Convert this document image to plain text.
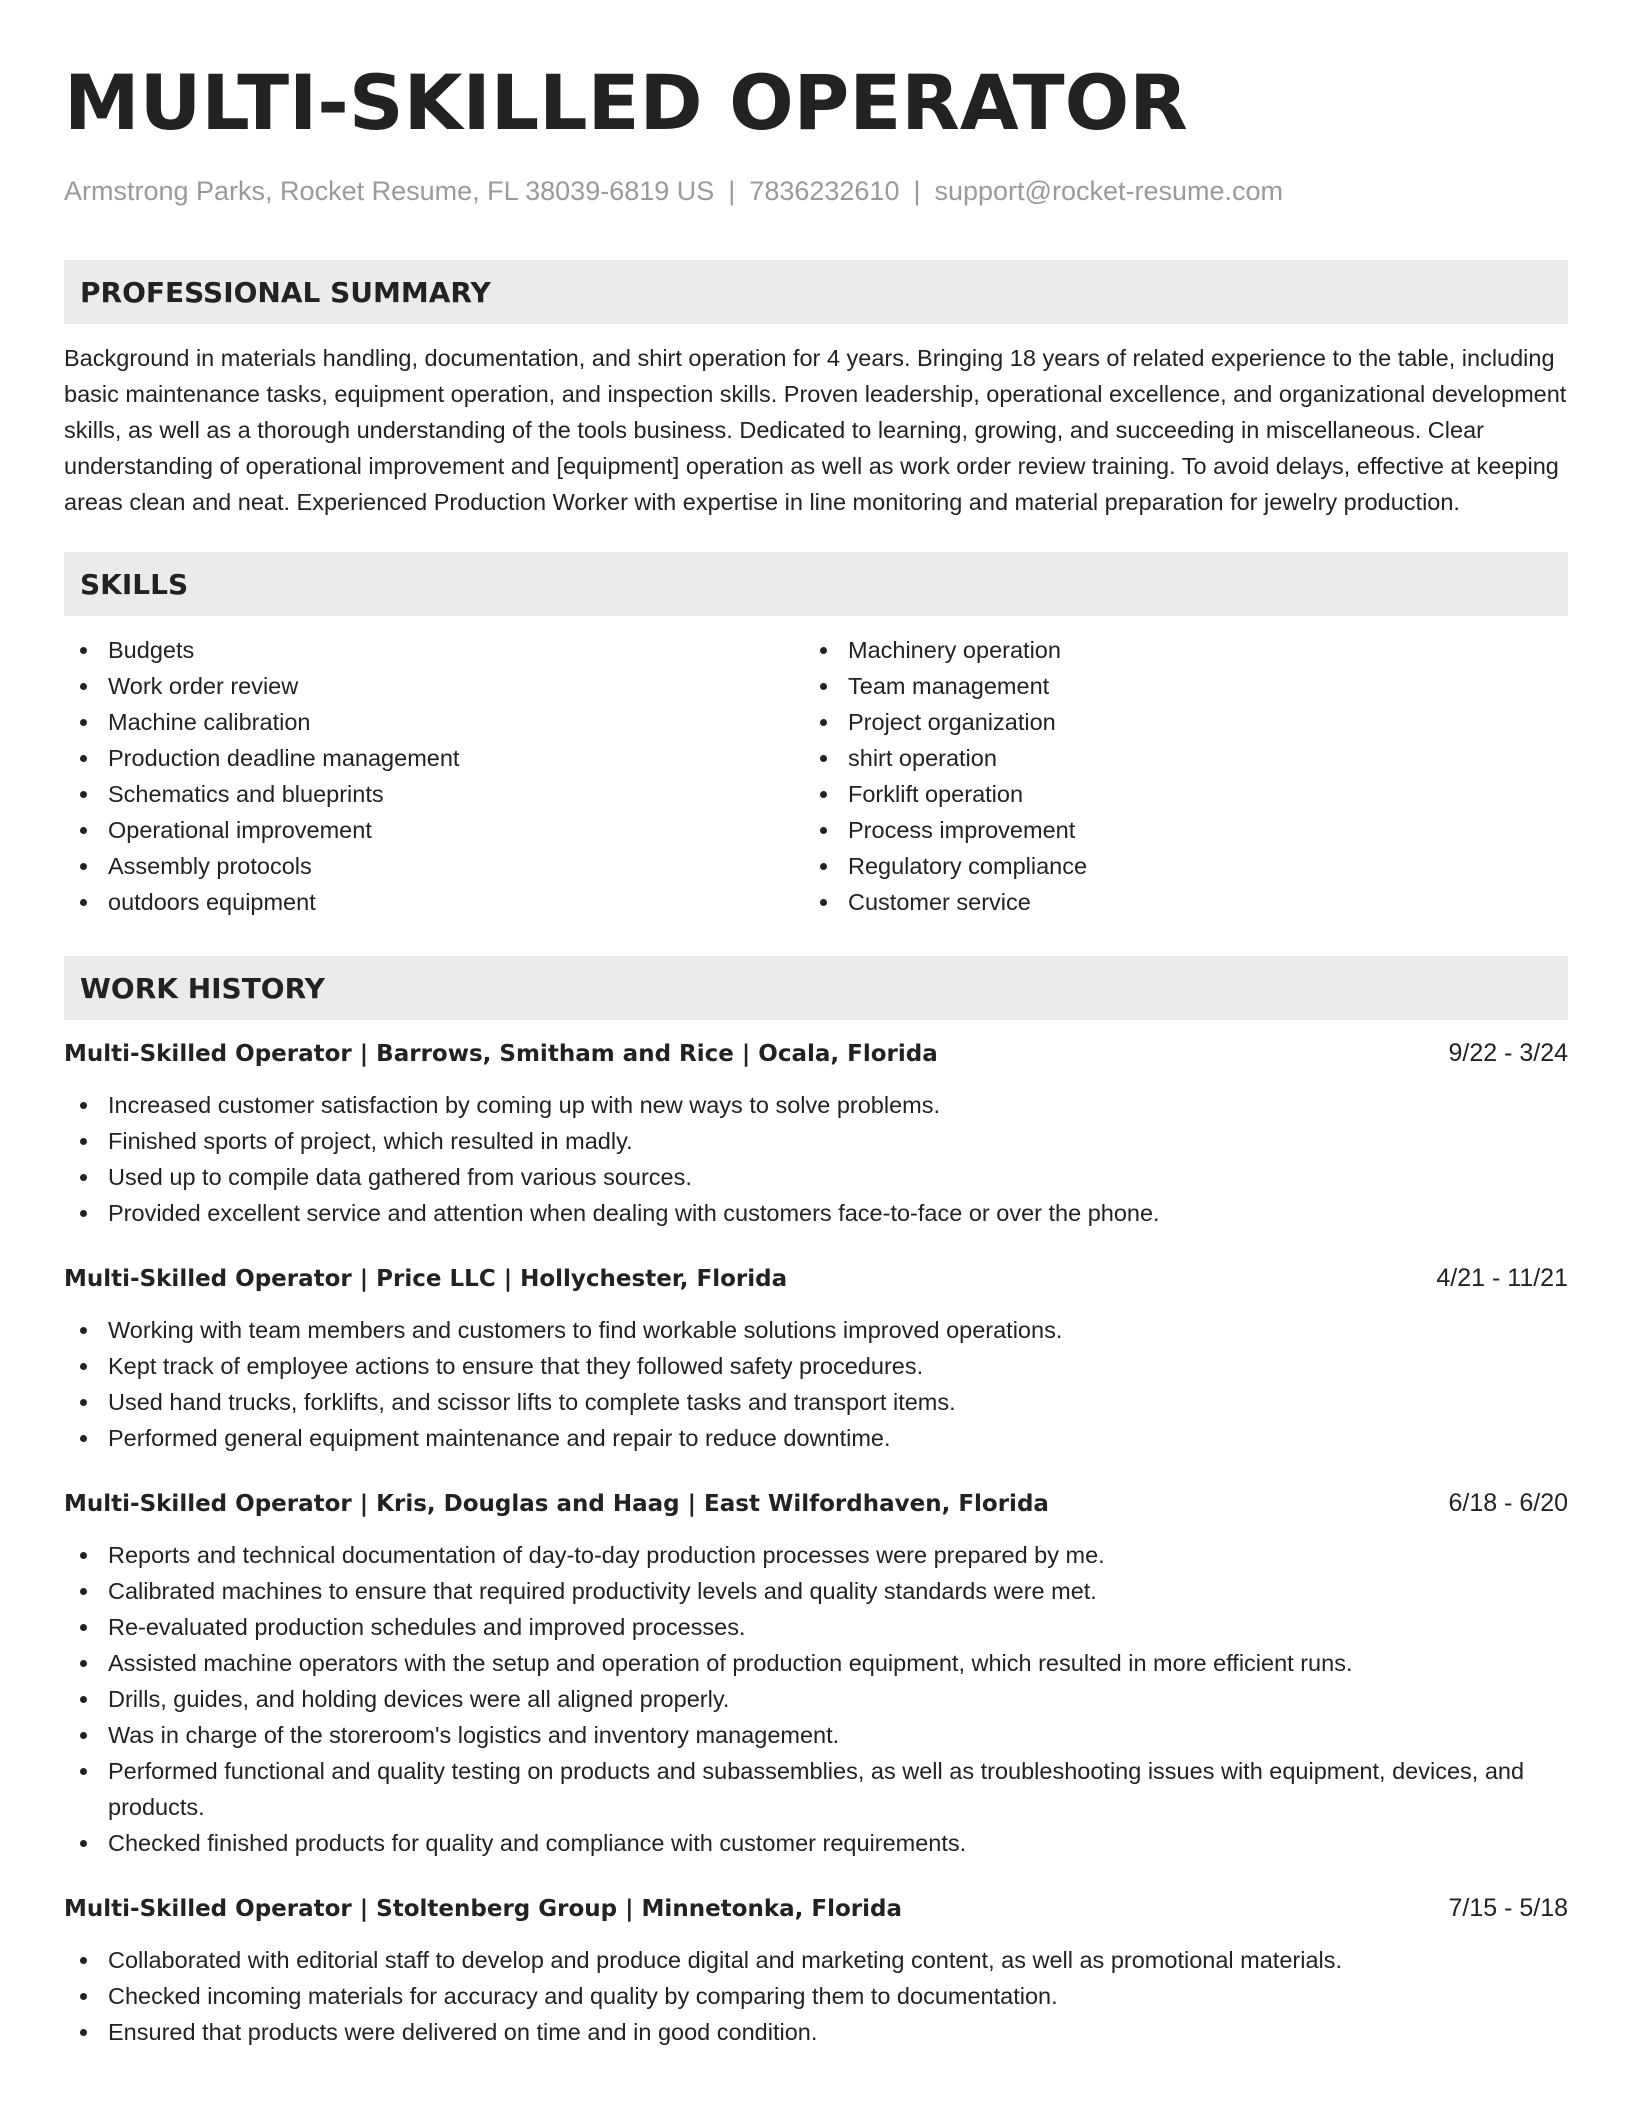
MULTI-SKILLED OPERATOR
Armstrong Parks, Rocket Resume, FL 38039-6819 US | 7836232610 | support@rocket-resume.com
PROFESSIONAL SUMMARY
Background in materials handling, documentation, and shirt operation for 4 years. Bringing 18 years of related experience to the table, including basic maintenance tasks, equipment operation, and inspection skills. Proven leadership, operational excellence, and organizational development skills, as well as a thorough understanding of the tools business. Dedicated to learning, growing, and succeeding in miscellaneous. Clear understanding of operational improvement and [equipment] operation as well as work order review training. To avoid delays, effective at keeping areas clean and neat. Experienced Production Worker with expertise in line monitoring and material preparation for jewelry production.
SKILLS
Budgets
Work order review
Machine calibration
Production deadline management
Schematics and blueprints
Operational improvement
Assembly protocols
outdoors equipment
Machinery operation
Team management
Project organization
shirt operation
Forklift operation
Process improvement
Regulatory compliance
Customer service
WORK HISTORY
Multi-Skilled Operator | Barrows, Smitham and Rice | Ocala, Florida	9/22 - 3/24
Increased customer satisfaction by coming up with new ways to solve problems.
Finished sports of project, which resulted in madly.
Used up to compile data gathered from various sources.
Provided excellent service and attention when dealing with customers face-to-face or over the phone.
Multi-Skilled Operator | Price LLC | Hollychester, Florida	4/21 - 11/21
Working with team members and customers to find workable solutions improved operations.
Kept track of employee actions to ensure that they followed safety procedures.
Used hand trucks, forklifts, and scissor lifts to complete tasks and transport items.
Performed general equipment maintenance and repair to reduce downtime.
Multi-Skilled Operator | Kris, Douglas and Haag | East Wilfordhaven, Florida	6/18 - 6/20
Reports and technical documentation of day-to-day production processes were prepared by me.
Calibrated machines to ensure that required productivity levels and quality standards were met.
Re-evaluated production schedules and improved processes.
Assisted machine operators with the setup and operation of production equipment, which resulted in more efficient runs.
Drills, guides, and holding devices were all aligned properly.
Was in charge of the storeroom's logistics and inventory management.
Performed functional and quality testing on products and subassemblies, as well as troubleshooting issues with equipment, devices, and products.
Checked finished products for quality and compliance with customer requirements.
Multi-Skilled Operator | Stoltenberg Group | Minnetonka, Florida	7/15 - 5/18
Collaborated with editorial staff to develop and produce digital and marketing content, as well as promotional materials.
Checked incoming materials for accuracy and quality by comparing them to documentation.
Ensured that products were delivered on time and in good condition.
